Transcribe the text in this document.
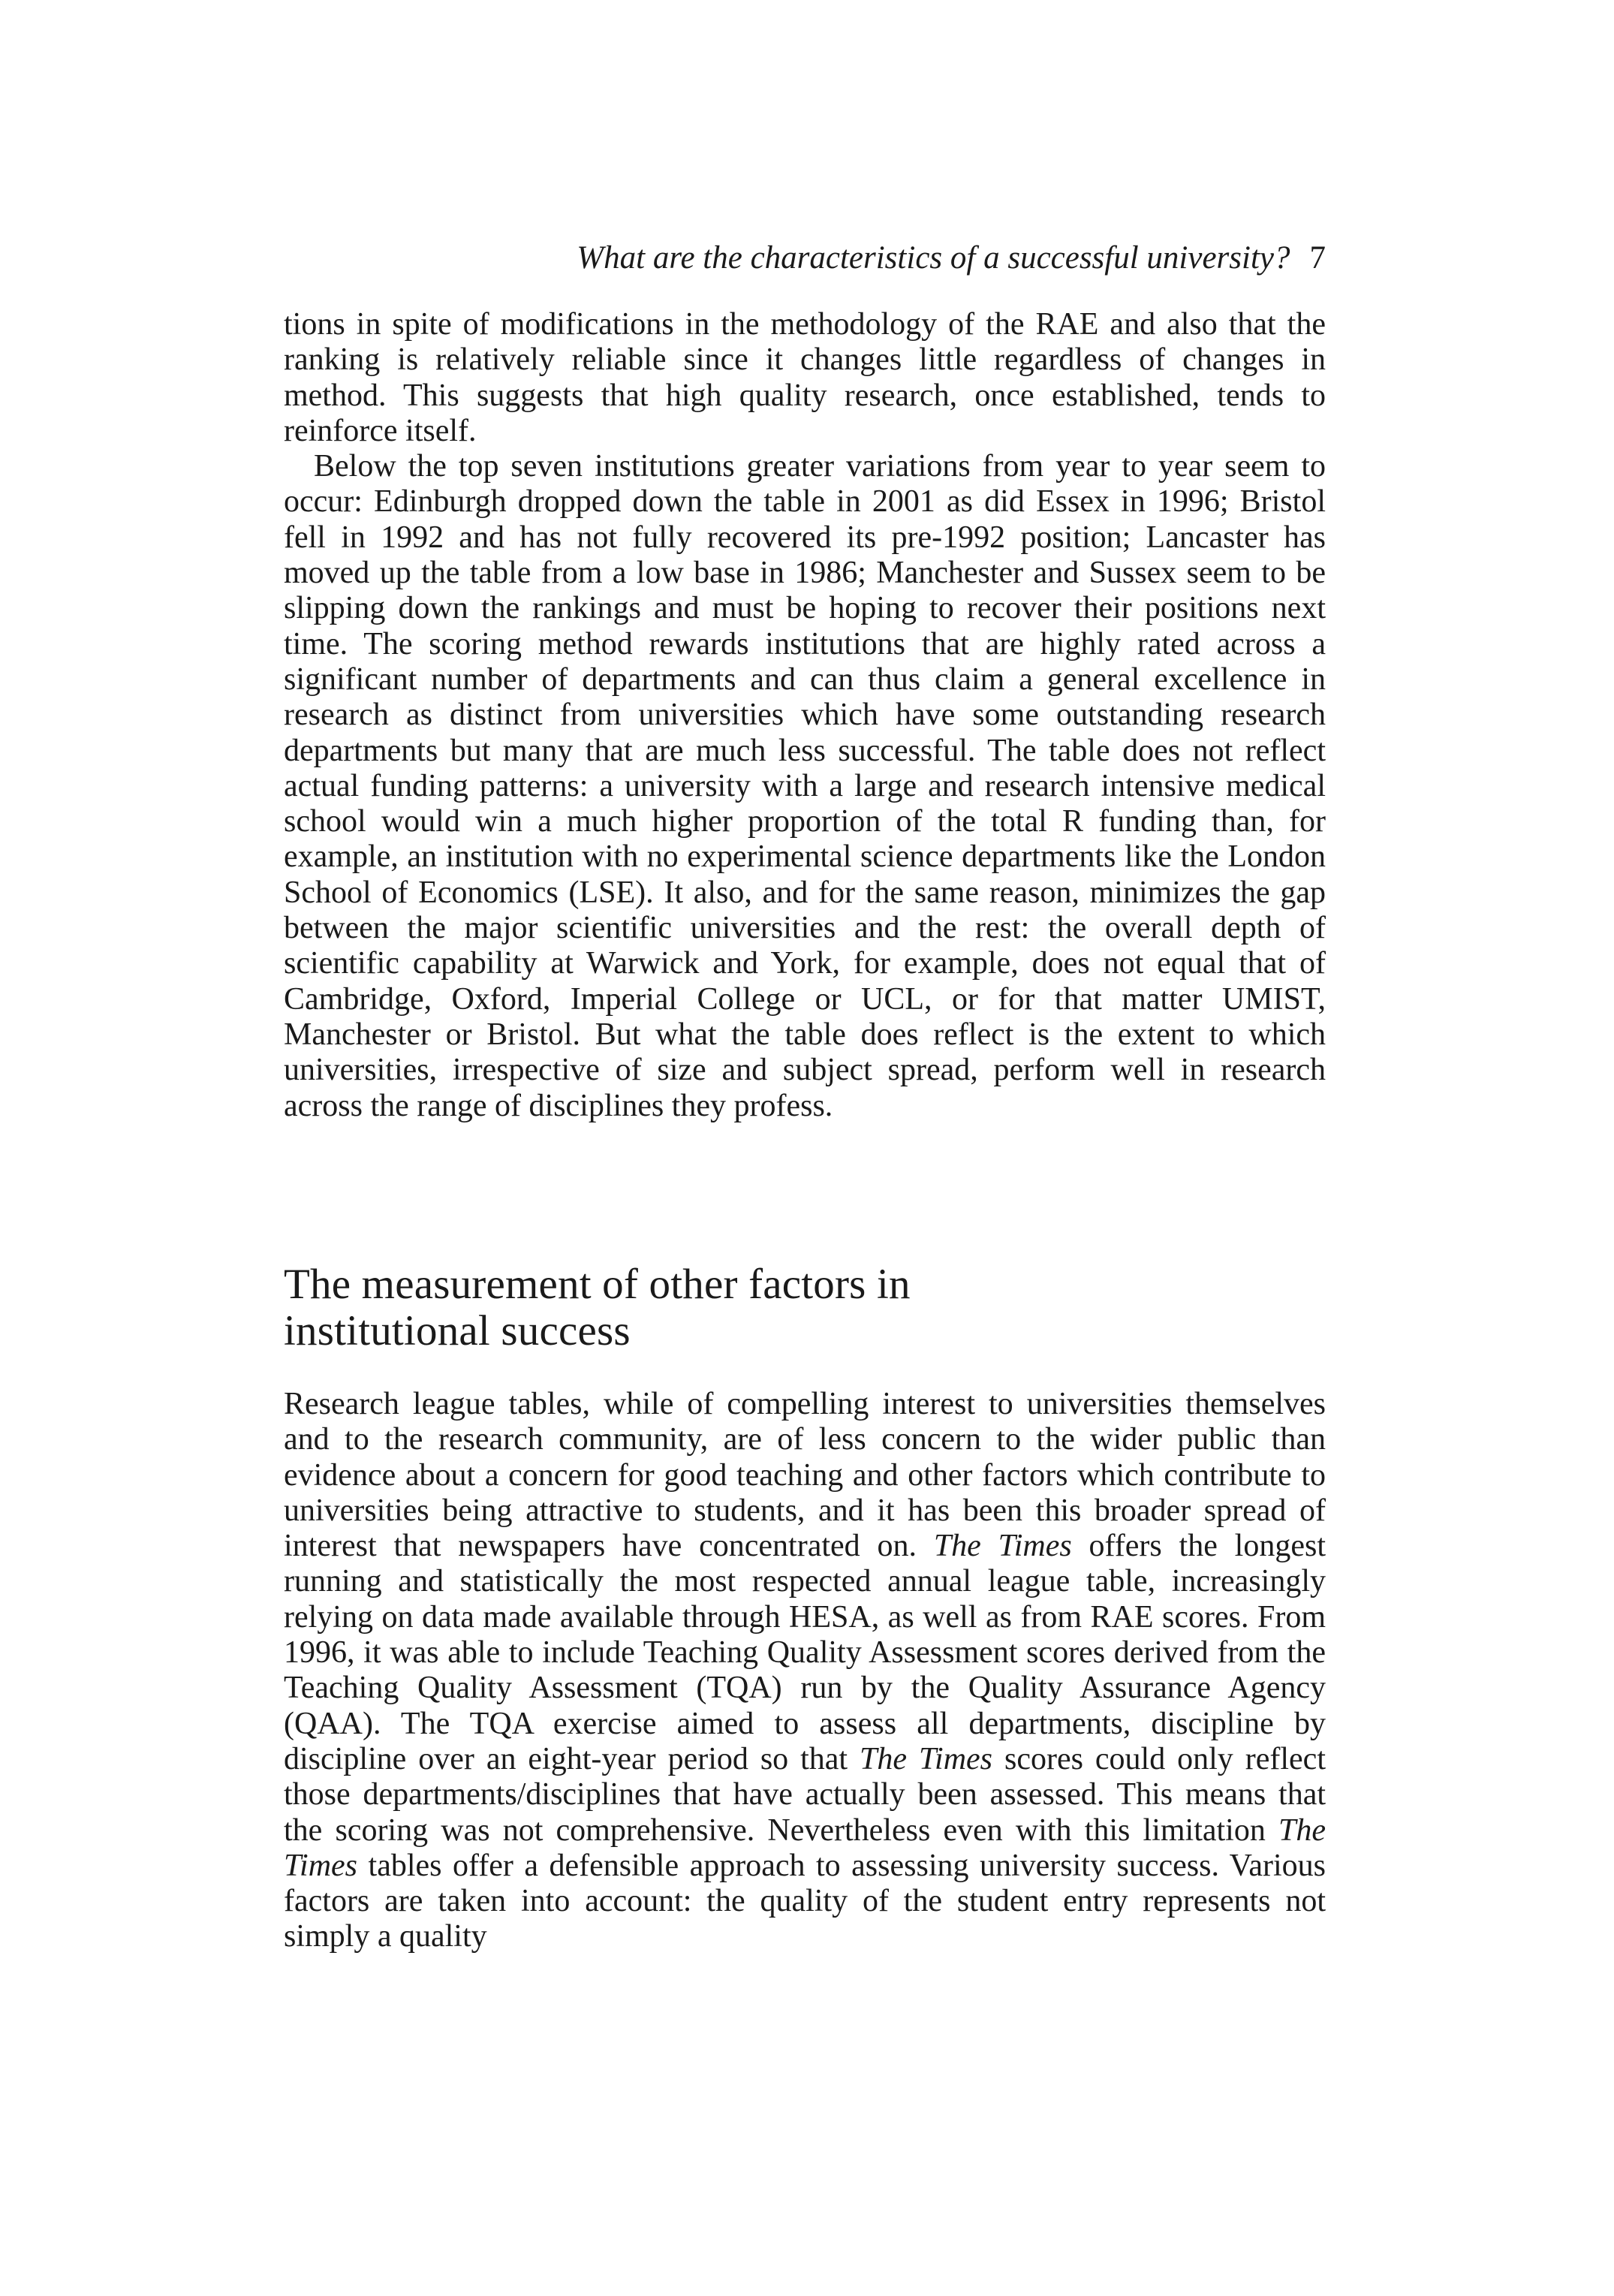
What are the characteristics of a successful university? 7

tions in spite of modifications in the methodology of the RAE and also that the ranking is relatively reliable since it changes little regardless of changes in method. This suggests that high quality research, once established, tends to reinforce itself.

Below the top seven institutions greater variations from year to year seem to occur: Edinburgh dropped down the table in 2001 as did Essex in 1996; Bristol fell in 1992 and has not fully recovered its pre-1992 position; Lancaster has moved up the table from a low base in 1986; Manchester and Sussex seem to be slipping down the rankings and must be hoping to recover their positions next time. The scoring method rewards institutions that are highly rated across a significant number of departments and can thus claim a general excellence in research as distinct from universities which have some outstanding research departments but many that are much less successful. The table does not reflect actual funding patterns: a university with a large and research intensive medical school would win a much higher proportion of the total R funding than, for example, an institution with no experimental science departments like the London School of Economics (LSE). It also, and for the same reason, minimizes the gap between the major scientific universities and the rest: the overall depth of scientific capability at Warwick and York, for example, does not equal that of Cambridge, Oxford, Imperial College or UCL, or for that matter UMIST, Manchester or Bristol. But what the table does reflect is the extent to which universities, irrespective of size and subject spread, perform well in research across the range of disciplines they profess.

The measurement of other factors in
institutional success

Research league tables, while of compelling interest to universities themselves and to the research community, are of less concern to the wider public than evidence about a concern for good teaching and other factors which contribute to universities being attractive to students, and it has been this broader spread of interest that newspapers have concentrated on. The Times offers the longest running and statistically the most respected annual league table, increasingly relying on data made available through HESA, as well as from RAE scores. From 1996, it was able to include Teaching Quality Assessment scores derived from the Teaching Quality Assessment (TQA) run by the Quality Assurance Agency (QAA). The TQA exercise aimed to assess all departments, discipline by discipline over an eight-year period so that The Times scores could only reflect those departments/disciplines that have actually been assessed. This means that the scoring was not comprehensive. Nevertheless even with this limitation The Times tables offer a defensible approach to assessing university success. Various factors are taken into account: the quality of the student entry represents not simply a quality
